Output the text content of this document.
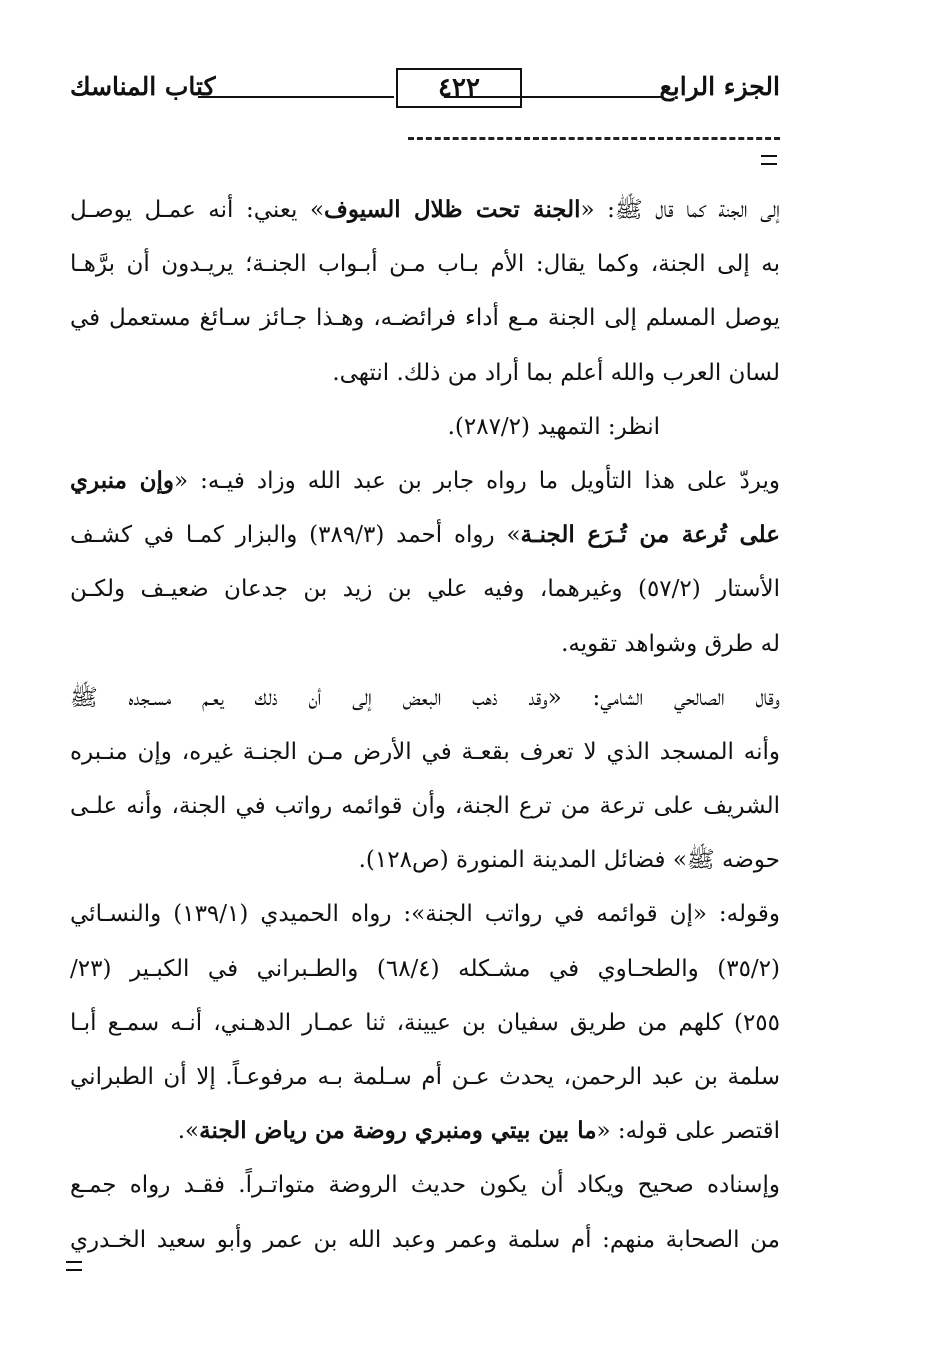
الجزء الرابع
٤٢٢
كتاب المناسك
إلى الجنة كما قال ﷺ: «الجنة تحت ظلال السيوف» يعني: أنه عمـل يوصـل
به إلى الجنة، وكما يقال: الأم بـاب مـن أبـواب الجنـة؛ يريـدون أن برَّهـا
يوصل المسلم إلى الجنة مـع أداء فرائضـه، وهـذا جـائز سـائغ مستعمل في
لسان العرب والله أعلم بما أراد من ذلك. انتهى.
انظر: التمهيد (٢٨٧/٢).
ويردّ على هذا التأويل ما رواه جابر بن عبد الله وزاد فيـه: «وإن منبري
على تُرعة من تُـرَع الجنـة» رواه أحمد (٣٨٩/٣) والبزار كمـا في كشـف
الأستار (٥٧/٢) وغيرهما، وفيه علي بن زيد بن جدعان ضعيـف ولكـن
له طرق وشواهد تقويه.
وقال الصالحي الشامي: «وقد ذهب البعض إلى أن ذلك يعـم مسـجده ﷺ
وأنه المسجد الذي لا تعرف بقعـة في الأرض مـن الجنـة غيره، وإن منـبره
الشريف على ترعة من ترع الجنة، وأن قوائمه رواتب في الجنة، وأنه علـى
حوضه ﷺ» فضائل المدينة المنورة (ص١٢٨).
وقوله: «إن قوائمه في رواتب الجنة»: رواه الحميدي (١٣٩/١) والنسـائي
(٣٥/٢) والطحـاوي في مشـكله (٦٨/٤) والطـبراني في الكبـير (٢٣/
٢٥٥) كلهم من طريق سفيان بن عيينة، ثنا عمـار الدهـني، أنـه سمـع أبـا
سلمة بن عبد الرحمن، يحدث عـن أم سـلمة بـه مرفوعـاً. إلا أن الطبراني
اقتصر على قوله: «ما بين بيتي ومنبري روضة من رياض الجنة».
وإسناده صحيح ويكاد أن يكون حديث الروضة متواتـراً. فقـد رواه جمـع
من الصحابة منهم: أم سلمة وعمر وعبد الله بن عمر وأبو سعيد الخـدري
